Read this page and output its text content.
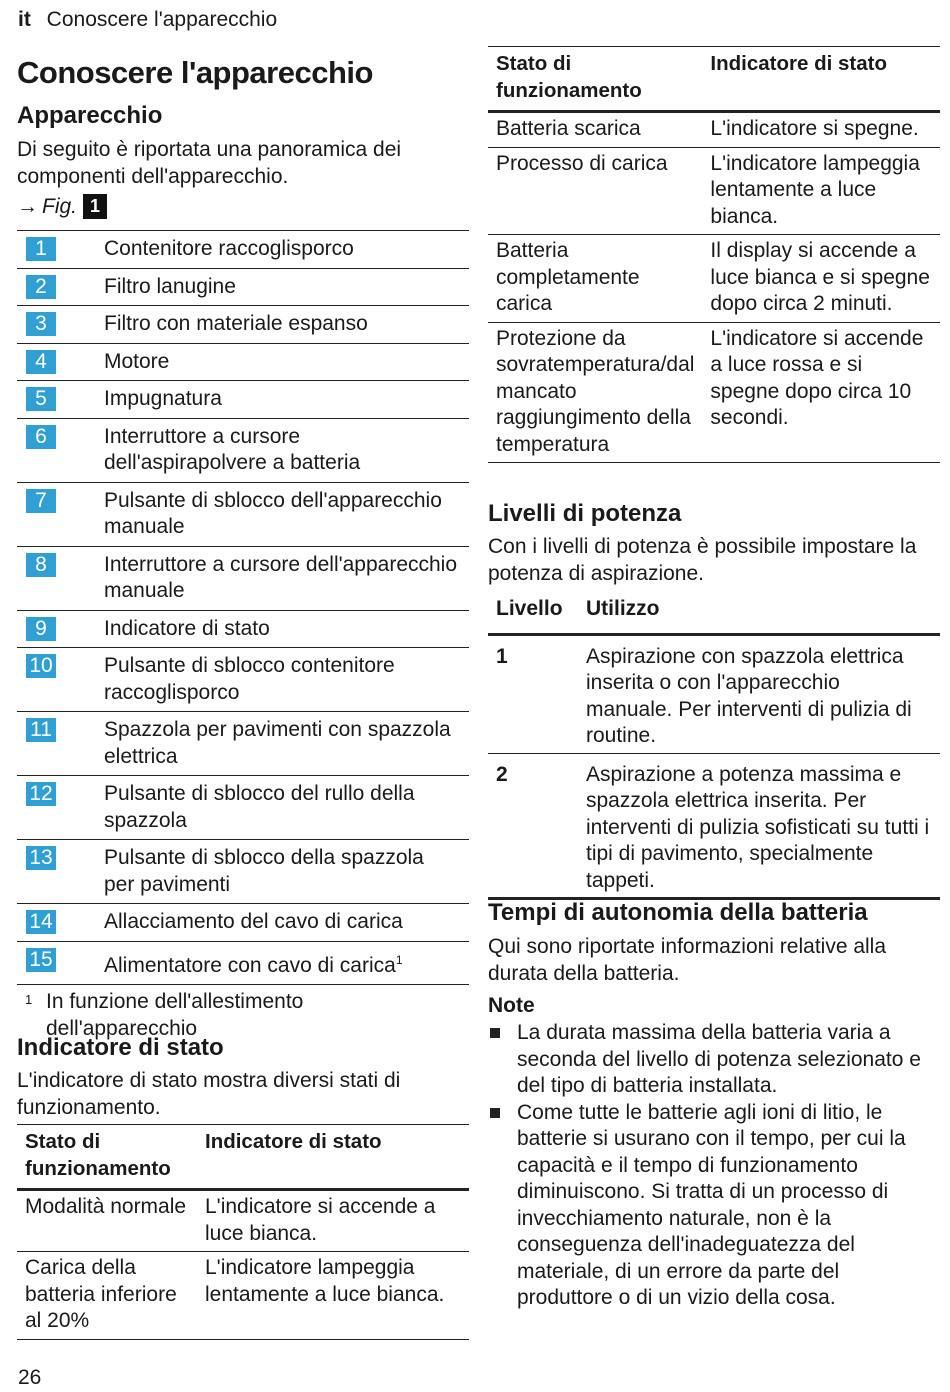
it Conoscere l'apparecchio
Conoscere l'apparecchio
Apparecchio

Di seguito è riportata una panoramica dei componenti dell'apparecchio.

→ Fig. 1
1	Contenitore raccoglisporco
2	Filtro lanugine
3	Filtro con materiale espanso
4	Motore
5	Impugnatura
6	Interruttore a cursore dell'aspirapolvere a batteria
7	Pulsante di sblocco dell'apparecchio manuale
8	Interruttore a cursore dell'apparecchio manuale
9	Indicatore di stato
10 Pulsante di sblocco contenitore raccoglisporco
11 Spazzola per pavimenti con spazzola elettrica
12 Pulsante di sblocco del rullo della spazzola
13 Pulsante di sblocco della spazzola per pavimenti
14 Allacciamento del cavo di carica
15 Alimentatore con cavo di carica$^1$
1 In funzione dell'allestimento dell'apparecchio
Indicatore di stato

L'indicatore di stato mostra diversi stati di funzionamento.

Stato di funzionamento	Indicatore di stato
Modalità normale	L'indicatore si accende a luce bianca.
Carica della batteria inferiore al 20%	L'indicatore lampeggia lentamente a luce bianca.
Stato di funzionamento	Indicatore di stato
Batteria scarica	L'indicatore si spegne.
Processo di carica	L'indicatore lampeggia lentamente a luce bianca.
Batteria completamente carica	Il display si accende a luce bianca e si spegne dopo circa 2 minuti.
Protezione da sovratemperatura/dal mancato raggiungimento della temperatura	L'indicatore si accende a luce rossa e si spegne dopo circa 10 secondi.
Livelli di potenza

Con i livelli di potenza è possibile impostare la potenza di aspirazione.

Livello	Utilizzo
1	Aspirazione con spazzola elettrica inserita o con l'apparecchio manuale. Per interventi di pulizia di routine.
2	Aspirazione a potenza massima e spazzola elettrica inserita. Per interventi di pulizia sofisticati su tutti i tipi di pavimento, specialmente tappeti.
Tempi di autonomia della batteria

Qui sono riportate informazioni relative alla durata della batteria.

Note
La durata massima della batteria varia a seconda del livello di potenza selezionato e del tipo di batteria installata.
Come tutte le batterie agli ioni di litio, le batterie si usurano con il tempo, per cui la capacità e il tempo di funzionamento diminuiscono. Si tratta di un processo di invecchiamento naturale, non è la conseguenza dell'inadeguatezza del materiale, di un errore da parte del produttore o di un vizio della cosa.
26
